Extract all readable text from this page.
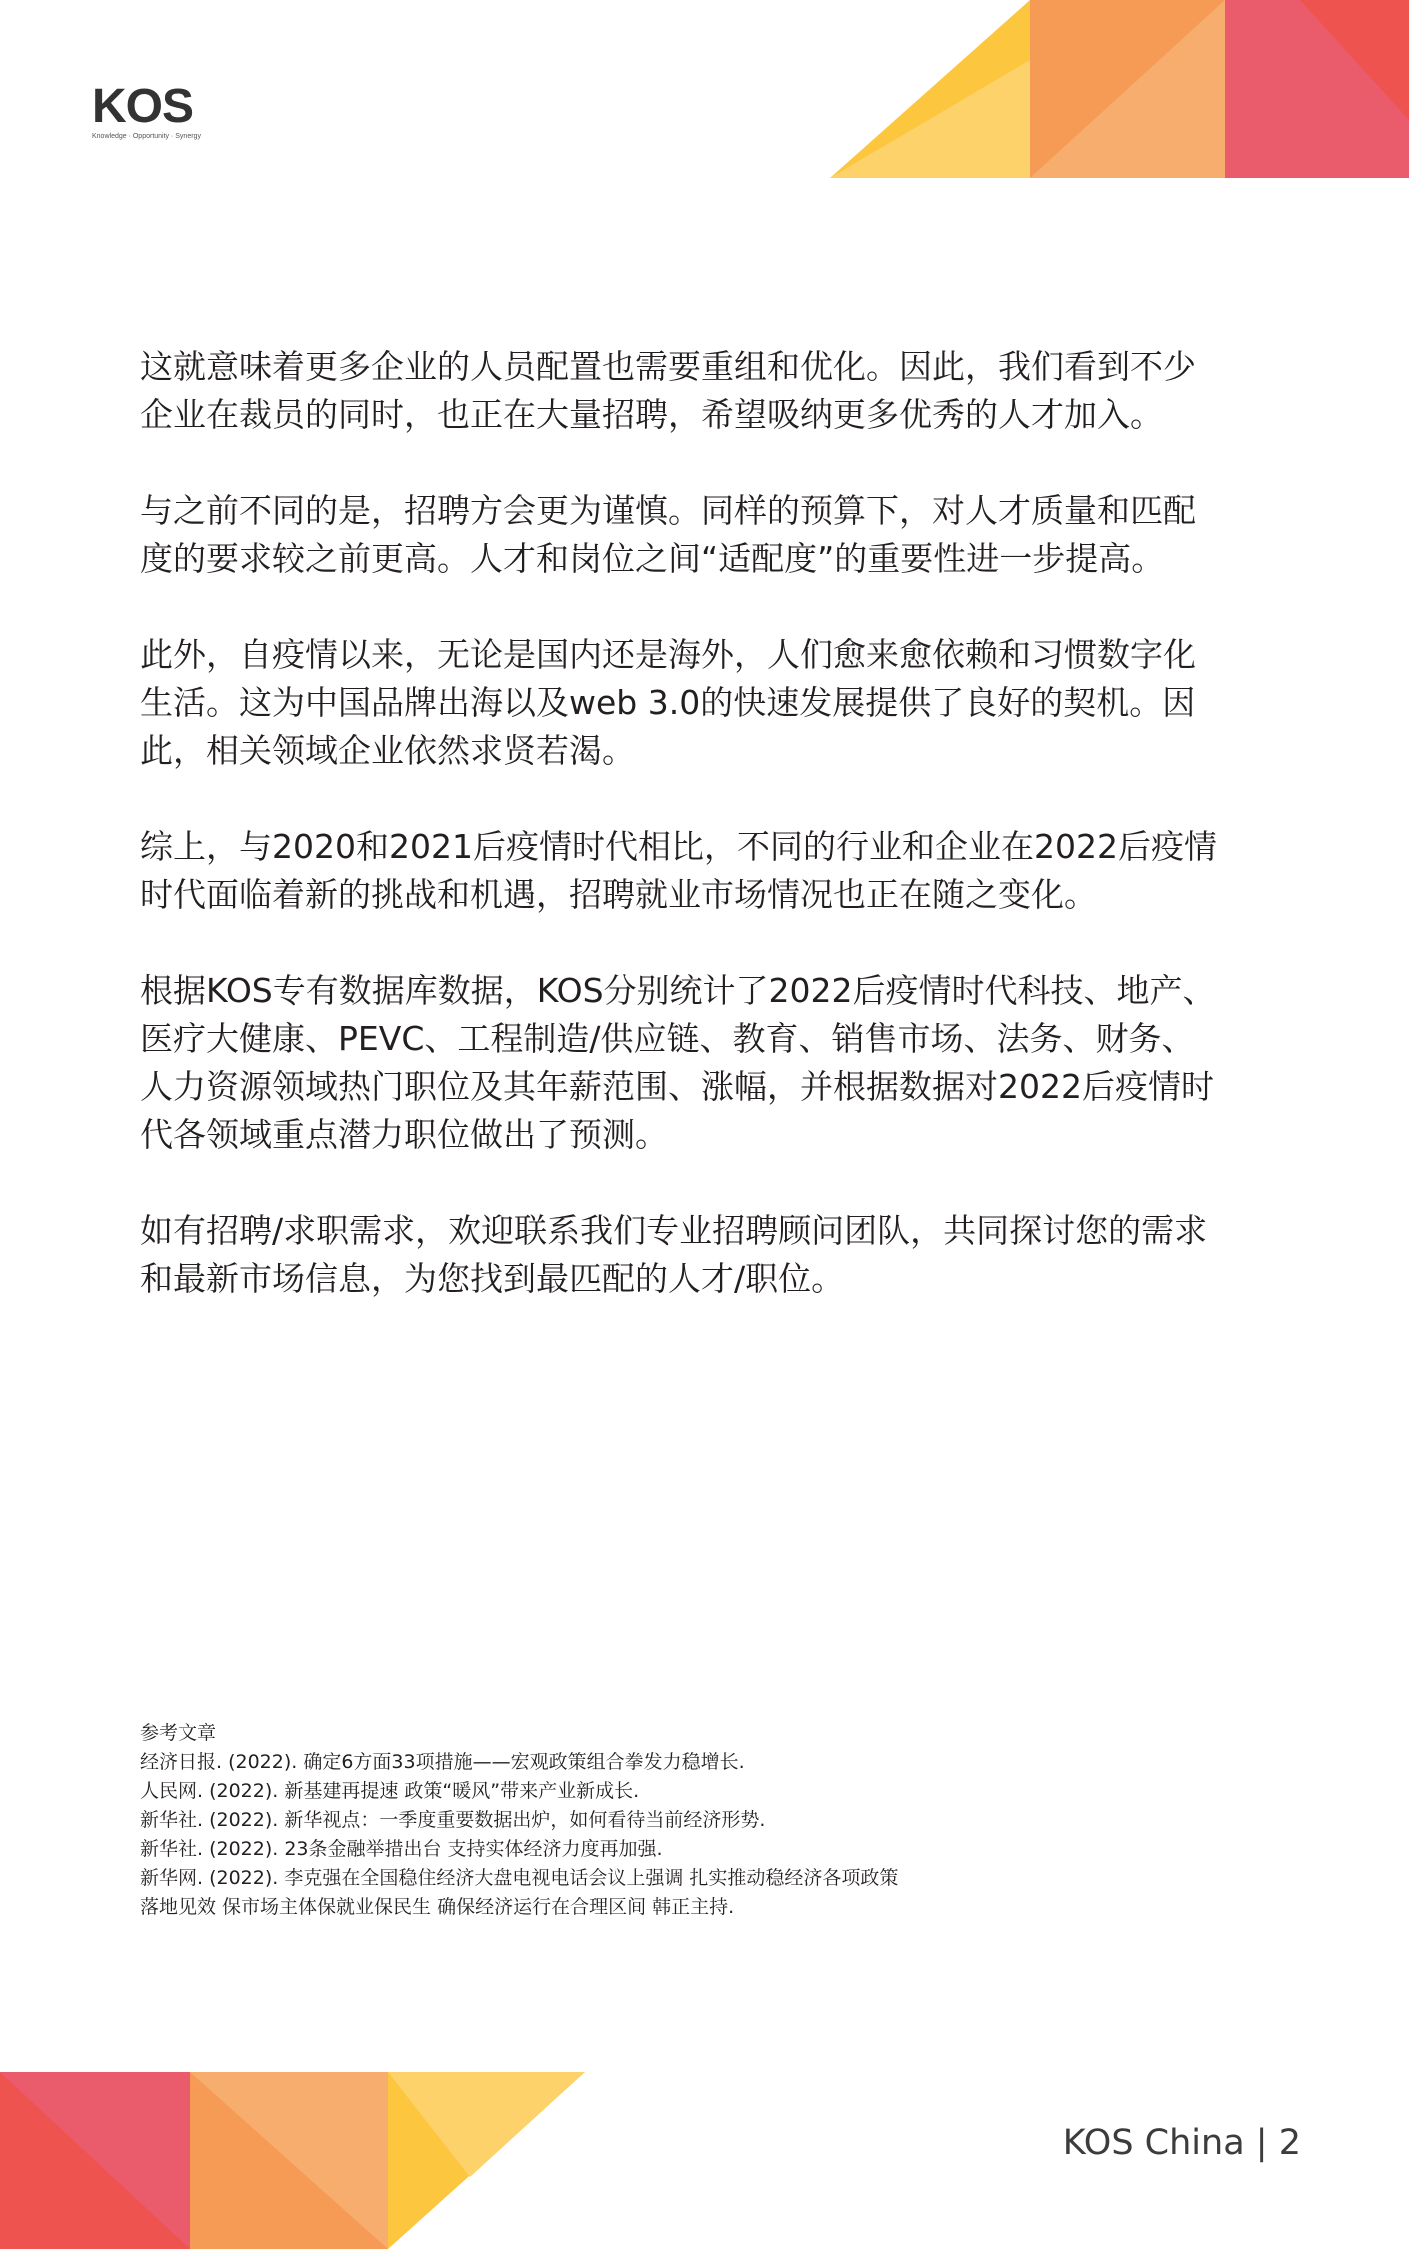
KOS
Knowledge · Opportunity · Synergy

这就意味着更多企业的人员配置也需要重组和优化。因此，我们看到不少
企业在裁员的同时，也正在大量招聘，希望吸纳更多优秀的人才加入。

与之前不同的是，招聘方会更为谨慎。同样的预算下，对人才质量和匹配
度的要求较之前更高。人才和岗位之间“适配度”的重要性进一步提高。

此外，自疫情以来，无论是国内还是海外，人们愈来愈依赖和习惯数字化
生活。这为中国品牌出海以及web 3.0的快速发展提供了良好的契机。因
此，相关领域企业依然求贤若渴。

综上，与2020和2021后疫情时代相比，不同的行业和企业在2022后疫情
时代面临着新的挑战和机遇，招聘就业市场情况也正在随之变化。

根据KOS专有数据库数据，KOS分别统计了2022后疫情时代科技、地产、
医疗大健康、PEVC、工程制造/供应链、教育、销售市场、法务、财务、
人力资源领域热门职位及其年薪范围、涨幅，并根据数据对2022后疫情时
代各领域重点潜力职位做出了预测。

如有招聘/求职需求，欢迎联系我们专业招聘顾问团队，共同探讨您的需求
和最新市场信息，为您找到最匹配的人才/职位。

参考文章
经济日报. (2022). 确定6方面33项措施——宏观政策组合拳发力稳增长.
人民网. (2022). 新基建再提速 政策“暖风”带来产业新成长.
新华社. (2022). 新华视点：一季度重要数据出炉，如何看待当前经济形势.
新华社. (2022). 23条金融举措出台 支持实体经济力度再加强.
新华网. (2022). 李克强在全国稳住经济大盘电视电话会议上强调 扎实推动稳经济各项政策
落地见效 保市场主体保就业保民生 确保经济运行在合理区间 韩正主持.
KOS China | 2
